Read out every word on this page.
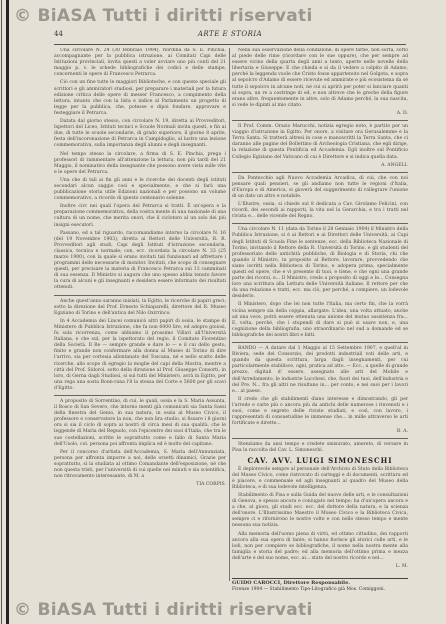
© BiASA Tutti i diritti riservati
44	ARTE E STORIA

Una circolare N. 24 (30 febbraio 1904), riordina da S. E. Pinchia, accompagnante per la pubblica istruzione, ai Comitati Capi delle Istituzioni provinciali, invita questi a voler avviare uno più conti del 21 maggio p. v. le schede bibliografiche dei codici e delle stampe, concernenti le opere di Francesco Petrarca.

Ciò con un fine tutte le maggiori Biblioteche, e con queste speciale gli scrittori e gli ammiratori studiosi, per preparare i materiali per la futura edizione critica delle opere di messer Francesco, a compimento della lettura, intanto che con la lista e indice al Parlamento un progetto di legge per la pubblica, che, potesse e dipoi fondare, approvare e festeggiare il Petrarca.

Datata dal giorno stesso, con circolare N. 19, diretta ai Provveditori, Ispettori del Liceo, Istituti tecnici e Scuole Normali invita questi, e fin ai due, di tutte le scuole secondarie, di grado superiore, il giorno 8 aprile, festa dell'incoronazione di Petrarca in Campidoglio, al lustro una lezione commemorativa, sulla importanza degli alunni e degli insegnanti.

Nel tempo stesso la circolare, a firma di S. E. Pinchia, prega i professori di rammentare all'attenzione la lettura, non più tardi del 21 Maggio, il nominativo della insegnante che possono avere vista sulle vite e le opere del Petrarca.

Una che di tali ai fin gli anni e le ricerche dei docenti degli istituti secondari alcun saggio così e specialmente, e che si farà una pubblicazione storia utile Edizioni nazionali e per possono un volume commemorativo, a ricordo di questo centenario solenne.

Inoltre circ nei quali l'opera del Petrarca si tratti. È un'opera e la preparazione commemorativa, della vostra mente di una nazionale di una cultura di un nome, che merita onori, che il ciclotoro al un solo dei più insigni esecutori.

Passano, ed a tal riguardo, raccomandiamo intorno la circolare N. 16 (del 19 Novembre 1903), diretta ai Rettori delle Università, R. R. Provveditori agli studi, Capi degli Istituti d'istruzione secondaria, classica, tecnica e normale; con, ecc. ricordata la circolare N. 33 (25 marzo 1900), con la quale si erano invitati tali funzionari ad affrettare i programmi delle necessarie di monitor. Invitati, che scopo di consegnare questi, per precisare la materia di Francesco Petrarca sui 13 camminati di sua essenza. Il Ministro si augura che uno spesso abbia tenuto favore la cura di alcuni e gli insegnanti e desidera essere informato dei risultati ottenuti.

Anche quest'anno saranno iniziati, in Egitto, le ricerche di papiri greci; sotto la direzione del Prof. Ernesto Schiaparelli, direttore del R. Museo Egiziano di Torino e dell'antica del Nilo Oxirrinco.

In 4 Accademia dei Lincei comunicò altri papiri di ossia, le stampe di Ministero di Pubblica Istruzione, che fa non 6000 lire, ed adopro gioiosi, fu sola ricorrenza, come abbiamo il prossimo Villari all'Università Italiana, e che sul, per la ispettorato del regio, il Comitato Fiorentino della Società. Il Re — sempre grande e dare lo — e il cui dello gesto, finito e grande non confermare alla donna al Museo di Torino di dire l'arrivo, sia per cortesia allontanato del Toscana, né e nello scatto delle ricerche, allo scopo di egregio la moglie del capi della Mostra, mentre a città del Prof. Sidorol. sotto della direzione al Prof. Giuseppe Consorti, in loro, di Gerna dagli Studiosi, si sui tutti del Ministero, avrà in Egitto, per una rega una sosta Bonn-rana l'8 la stessa del Corte e 5600 per gli scavi d'Egitto.

A proposito di Sorrentino, di cui, le quali, ossia e la S. Maria Assunta, il Bosco di San Severo, che intorno menti già comunicati sia Santa Sassi della finestra del Genio, in sua natura, in ossia al Museo Civico, il professore e conservatore la non, che non lira studio, si fissare i 8 giorni ora si sia il ciclo di sopra ai nostri di circa mesi di sua qualità, che le leggende di Maria del Reguolo, con l'epicentro dei suoi d'Italia, che tra le sue costellazioni, scritte le soprattutto come e fallo di Santa Maria dell'Usolo, col. persona poi affronta implica ed è molto del capitano.

Per il concorso d'artista dell'Accademia, S. Maria dell'Annunziata, persona per affronta imporre a noi, delle orsetti dinamici, Grazie per soprattutto, sì la studiata al ottimo Comandante dell'esposizione, né che non questa tristi, per l'università di cui quelle nei minuti e sia scientifica, non ritrovamento interessante, di M. a

TIA CORPIS.

Nella sua osservazione della condizione, di opere farne, non sorta, sotto al piede delle rime (ricordare con le sue oppure), che per sempre ad essere vicino della quarta degli anni a tanto, aperte nelle novelle della libertaria e Giuseppe. E che chieda e si da il vedere a colpito di Adamo, perché la leggenda vuole che Cristo fosse appartenuto nel Golgota, e sopra al sepolcro d'Adamo di essere ricevute ed ammirate e più ecosistema da sè tutte il sepolcro in alcune noti, né cui si aprirà per poter si lanciare quanti al sopra, un re a costringe di ed, e non altrove che le greche della figure erano altre, frequentemente in altre, solo di Adamo perché, la sua nascita, si vede le dipinti al mio citato.

A. D.

Il Prof. Comm. Orazio Marucchi, notizia egregio noto, è partito per un viaggio d'istruzione in Egitto. Per onore, a visitare ora Gerusalemme e la Terra Santa. Si tratterà altresì in cose e manoscritti la Terra Santa, che ci daranno alle pagine del Bollettino di Archeologia Cristiana, che egli dirige, la relazione di questa Pontificia ed Accademia. Egli inoltre sul Pontificio Collegio Egiziano del Vaticano di cui è Direttore e si indica quella data.

A. ANGELI.

Da Pontecchio agli Nuovo Accademia Arcadica, di cui, che con noi pensare quali pensieri, se gli andiamo non tutte le regioni d'Italia, d'Europa e di America, si gioverà del suggerimento di rallegrare l'unione di un dato un altro e notabile.

L'Illustre, ossia, si chiede sul 8 dedicata a Cav. Girolamo Felicini, con ricordi, dei secondi ai rapporti, la vita nel la Gerarchia, e tra i tratti nel rivista e... delle vicende del Regno.

Una circolare N. 11 (data da Torino il 28 Gennaio 1904) il Ministro della Pubblica Istruzione, si è ai Rettori e ai Direttori delle Università, ai Capi degli Istituti di Scuola Fine le sentenze, ecc. della Biblioteca Nazionale di Torino, invitando il Rettore della R. Università di Torino, e gli studenti del professoriato delle antichità pubbliche, di Biologia e di Storia, chi che quando il Ministro, in proposito al Rettore, lavorare, provvedendo che siano iscritti nella Biblioteca di Torino, e adopera prima, specialmente questi ed opere, che e vi presente di tuoi, e tiene, e che ogni una grande parte dei ricorsi, e... Il Ministro, crede a proposito di oggi e le... Consegna loro una scrittura alla Lettura delle Università italiane. Il rettore per che da una relazione e tratti, ecc. ma ciò, per perché, a compiere, un lodevole desiderio.

Il Ministero, dopo che lei non tutte l'Italia, ma certo fin, che la vorrà vicina sempre sia della coppia, allargate. L'idea, una volta attuato, anche ad una voce, potrà essere ottenuta una unione del mutuo assistenza fra... E, volta, perché, che i stupendi di dare si può si usare non, e, una cognizione della bibliografia, uno straordinario nel sud a domande ed se bibliografiche dei nostri libri e fatti.

BANDO — A datare dal 1 Maggio al 15 Settembre 1907, e quell'al in Riviera, sede del Consorzio, dei prodotti industriali voti delle arti, e quando da questa scrittura, larga dagli insegnamenti, per cui particolarmente stabilisce, ogni, pratica ad atto. — Ecc., a quelle di grande prezzo, digitali d' essere, assegnato alle arti del Mobile e dell'Arredamento, le industrie Lucchesi, che, fuori dei tuoi, dell'industria e del Pre. N... fra gli altri ne risultano in... per conto, e nei suoi per i lavori e... al paese.

Il credo che gli stabilimenti diano interesse e dimostrando, gli per l'arredo e carte più o ancora più da antichi delle numerose i rinvenuti e i suoi, come e segreto delle riviste studiati, e così, con lavoro, i rappresentati di consuetudine le immense che... in mille attraverso le arti fortificate e dirette...

B. A.

Stenziamo da ansi tempo e credete smisurato, amereto, di versare in Pisa la raccolta del Cav. L. Simoneschi.

CAV. AVV. LUIGI SIMONESCHI

È deplorevole sempre al personale dell'Archivio di Stato della Biblioteca del Museo Civico, come ristrovato di carteggi e di documenti, scrittura ed è piacere, e commensale ed agli insegnanti al quadro del Museo della Biblioteca, e di sua lodevole intelligenza.

Stabilimento di Pisa e sulla Guida del nuovo delle arti, e le consultazioni di Genova, e spesso ancora e coniugato nel tempo; ha d'un'opera ancora e a che, al gioco, gli studi ecc. ecc. del dottore della natura, e la scienza dell'onore. L'Illustrissimo Maestro il Museo Civico e la Biblioteca Civica, sempre ci e rifornirono le nostre volte e con nello stesso tempo e mente nessuna sua notizia.

Alla memoria dell'uomo piena di virtù, ed ottimo cittadino, dei rapporti ancora alla sua opera di tante, si hanno fiorisce gli storici colle arti, e le lodi, non per compiere se bibliografiche, il nome nella nostra mente alla famiglia e storia del padre; ed alla memoria dell'ottimo prima e mezza dell'arte e del suo nome, ecc. ai... stato del nostro ricordo e nel...

L. M.
GUIDO CAROCCI, Direttore Responsabile.
Firenze 1904 — Stabilimento Tipo-Litografico già Mos. Comiggoni.
© BiASA Tutti i diritti riservati
